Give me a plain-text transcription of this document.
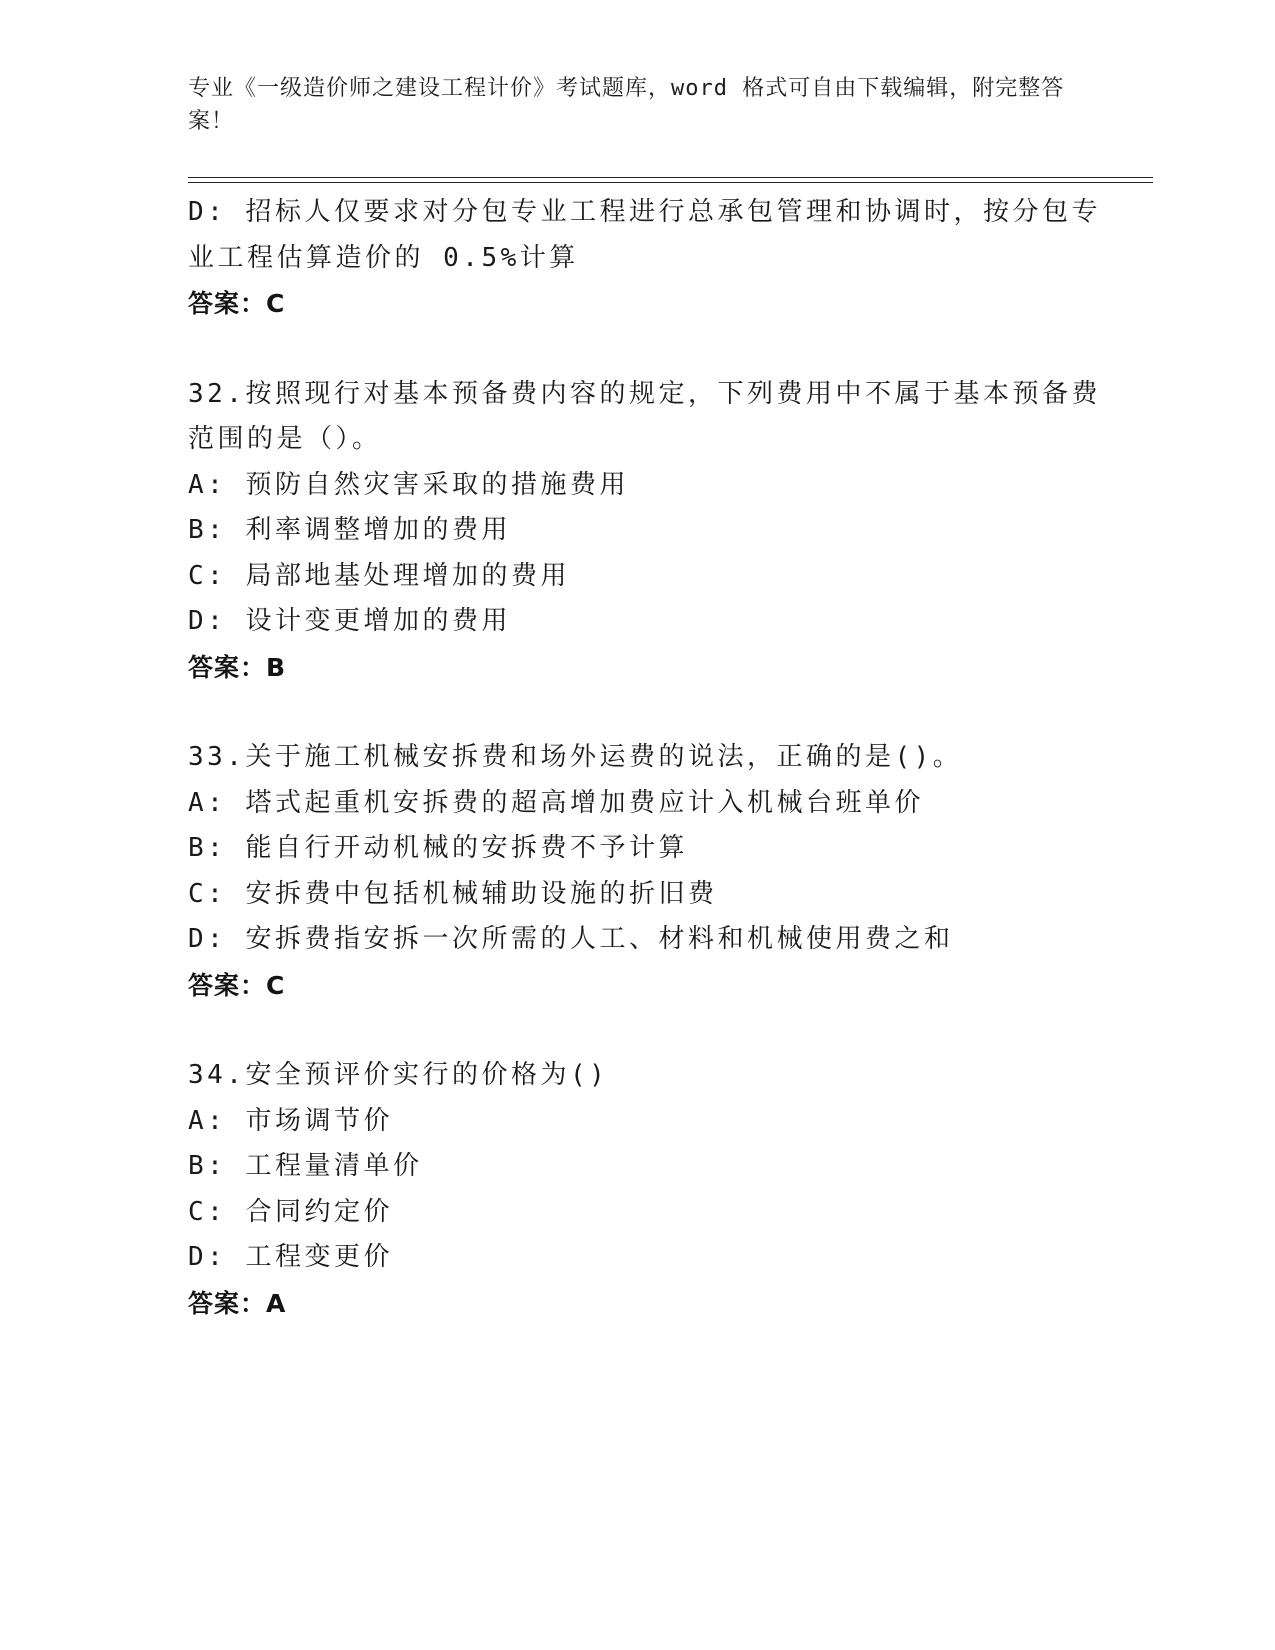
专业《一级造价师之建设工程计价》考试题库，word 格式可自由下载编辑，附完整答案！
D: 招标人仅要求对分包专业工程进行总承包管理和协调时，按分包专
业工程估算造价的 0.5%计算
答案：C
32.按照现行对基本预备费内容的规定，下列费用中不属于基本预备费
范围的是（）。
A: 预防自然灾害采取的措施费用
B: 利率调整增加的费用
C: 局部地基处理增加的费用
D: 设计变更增加的费用
答案：B
33.关于施工机械安拆费和场外运费的说法，正确的是()。
A: 塔式起重机安拆费的超高增加费应计入机械台班单价
B: 能自行开动机械的安拆费不予计算
C: 安拆费中包括机械辅助设施的折旧费
D: 安拆费指安拆一次所需的人工、材料和机械使用费之和
答案：C
34.安全预评价实行的价格为()
A: 市场调节价
B: 工程量清单价
C: 合同约定价
D: 工程变更价
答案：A
